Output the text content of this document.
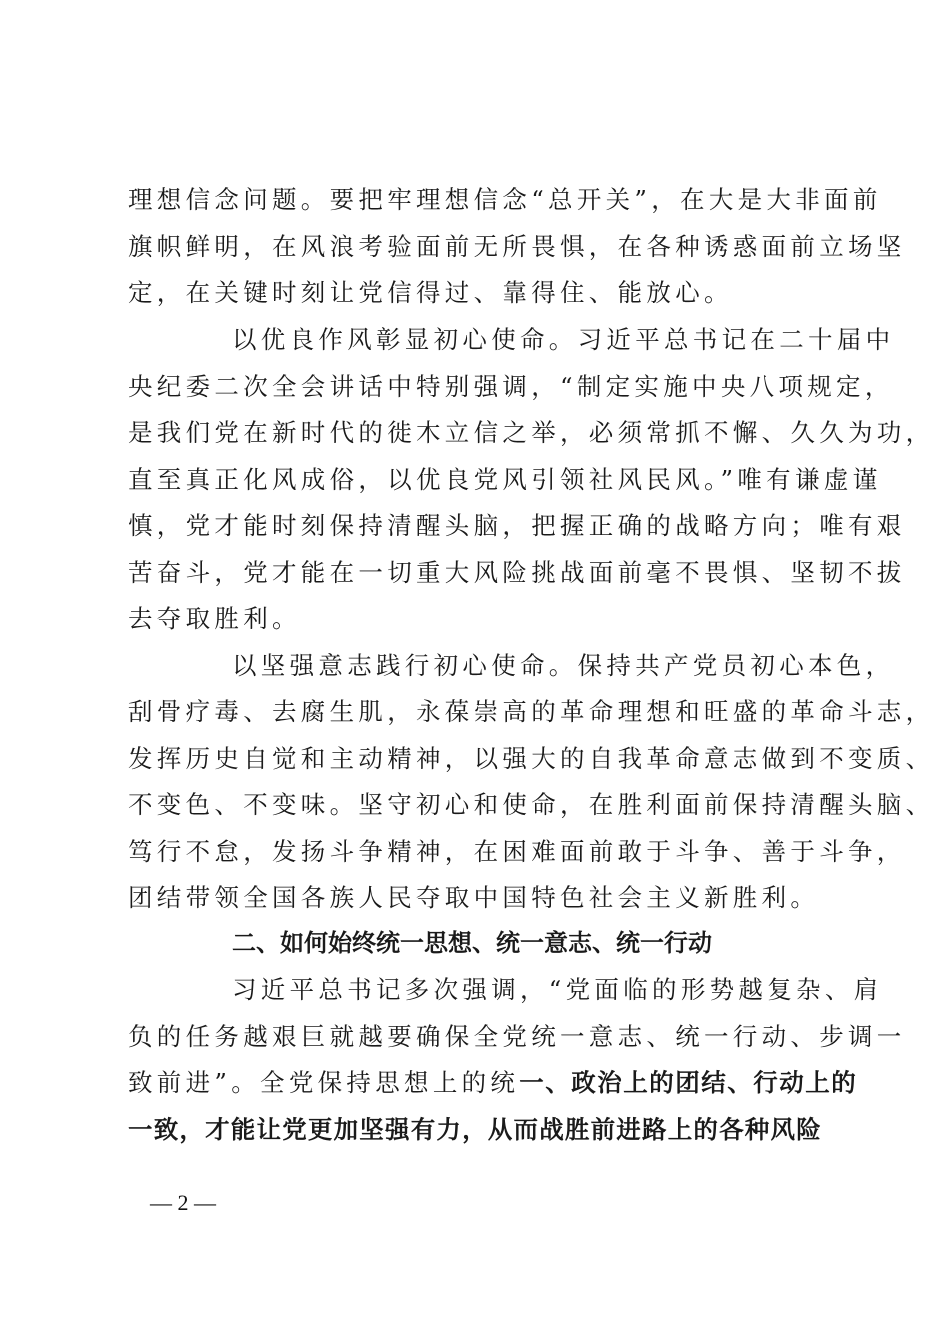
理想信念问题。要把牢理想信念“总开关”，在大是大非面前
旗帜鲜明，在风浪考验面前无所畏惧，在各种诱惑面前立场坚
定，在关键时刻让党信得过、靠得住、能放心。
以优良作风彰显初心使命。习近平总书记在二十届中
央纪委二次全会讲话中特别强调，“制定实施中央八项规定，
是我们党在新时代的徙木立信之举，必须常抓不懈、久久为功，
直至真正化风成俗，以优良党风引领社风民风。”唯有谦虚谨
慎，党才能时刻保持清醒头脑，把握正确的战略方向；唯有艰
苦奋斗，党才能在一切重大风险挑战面前毫不畏惧、坚韧不拔
去夺取胜利。
以坚强意志践行初心使命。保持共产党员初心本色，
刮骨疗毒、去腐生肌，永葆崇高的革命理想和旺盛的革命斗志，
发挥历史自觉和主动精神，以强大的自我革命意志做到不变质、
不变色、不变味。坚守初心和使命，在胜利面前保持清醒头脑、
笃行不怠，发扬斗争精神，在困难面前敢于斗争、善于斗争，
团结带领全国各族人民夺取中国特色社会主义新胜利。
二、如何始终统一思想、统一意志、统一行动
习近平总书记多次强调，“党面临的形势越复杂、肩
负的任务越艰巨就越要确保全党统一意志、统一行动、步调一
致前进”。全党保持思想上的统一、政治上的团结、行动上的
一致，才能让党更加坚强有力，从而战胜前进路上的各种风险
— 2 —
